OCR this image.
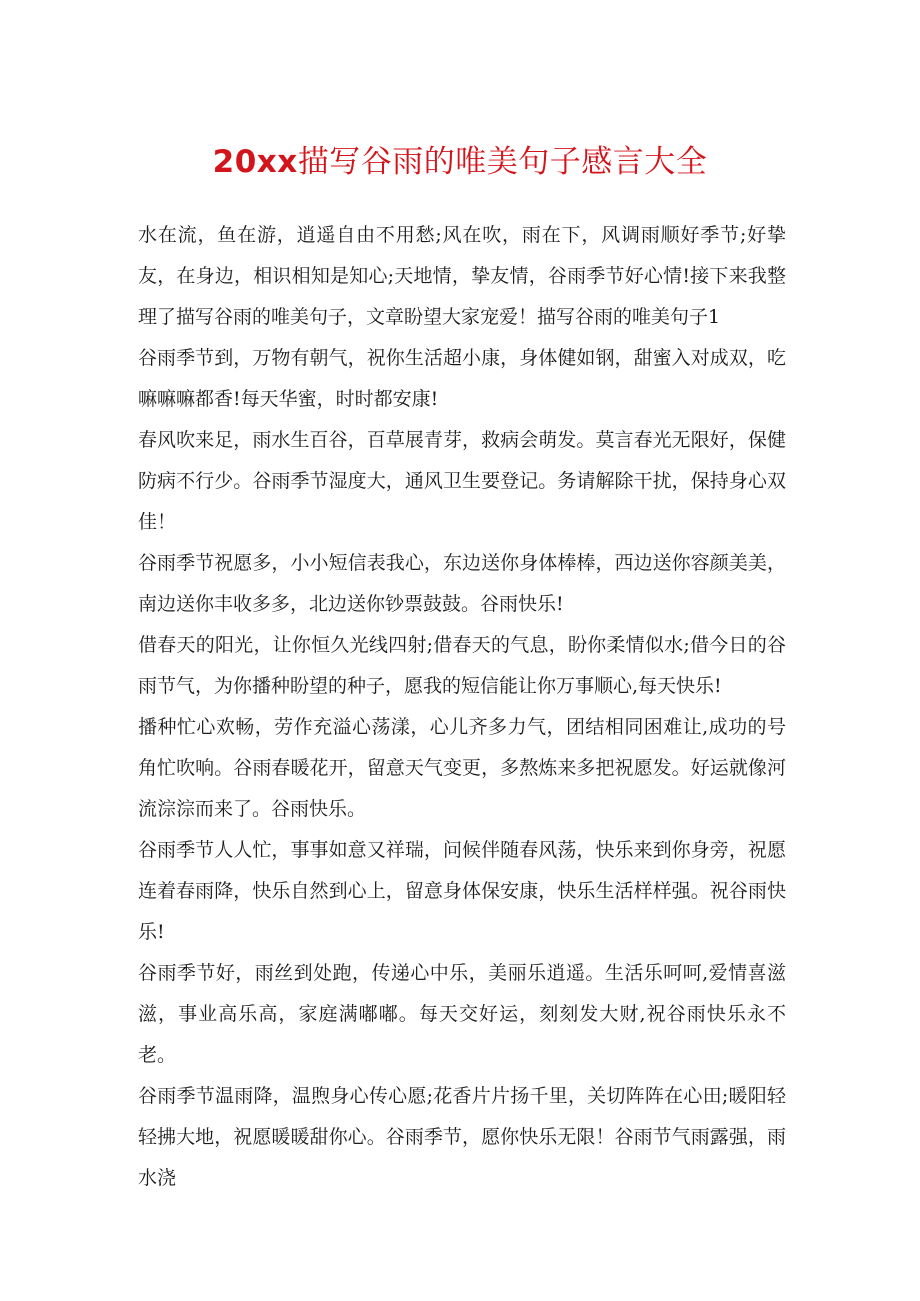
20xx描写谷雨的唯美句子感言大全

水在流，鱼在游，逍遥自由不用愁;风在吹，雨在下，风调雨顺好季节;好挚友，在身边，相识相知是知心;天地情，挚友情，谷雨季节好心情!接下来我整理了描写谷雨的唯美句子，文章盼望大家宠爱！描写谷雨的唯美句子1

谷雨季节到，万物有朝气，祝你生活超小康，身体健如钢，甜蜜入对成双，吃嘛嘛嘛都香!每天华蜜，时时都安康!

春风吹来足，雨水生百谷，百草展青芽，救病会萌发。莫言春光无限好，保健防病不行少。谷雨季节湿度大，通风卫生要登记。务请解除干扰，保持身心双佳！

谷雨季节祝愿多，小小短信表我心，东边送你身体棒棒，西边送你容颜美美，南边送你丰收多多，北边送你钞票鼓鼓。谷雨快乐!

借春天的阳光，让你恒久光线四射;借春天的气息，盼你柔情似水;借今日的谷雨节气，为你播种盼望的种子，愿我的短信能让你万事顺心,每天快乐!

播种忙心欢畅，劳作充溢心荡漾，心儿齐多力气，团结相同困难让,成功的号角忙吹响。谷雨春暖花开，留意天气变更，多熬炼来多把祝愿发。好运就像河流淙淙而来了。谷雨快乐。

谷雨季节人人忙，事事如意又祥瑞，问候伴随春风荡，快乐来到你身旁，祝愿连着春雨降，快乐自然到心上，留意身体保安康，快乐生活样样强。祝谷雨快乐!

谷雨季节好，雨丝到处跑，传递心中乐，美丽乐逍遥。生活乐呵呵,爱情喜滋滋，事业高乐高，家庭满嘟嘟。每天交好运，刻刻发大财,祝谷雨快乐永不老。

谷雨季节温雨降，温煦身心传心愿;花香片片扬千里，关切阵阵在心田;暖阳轻轻拂大地，祝愿暖暖甜你心。谷雨季节，愿你快乐无限！谷雨节气雨露强，雨水浇
